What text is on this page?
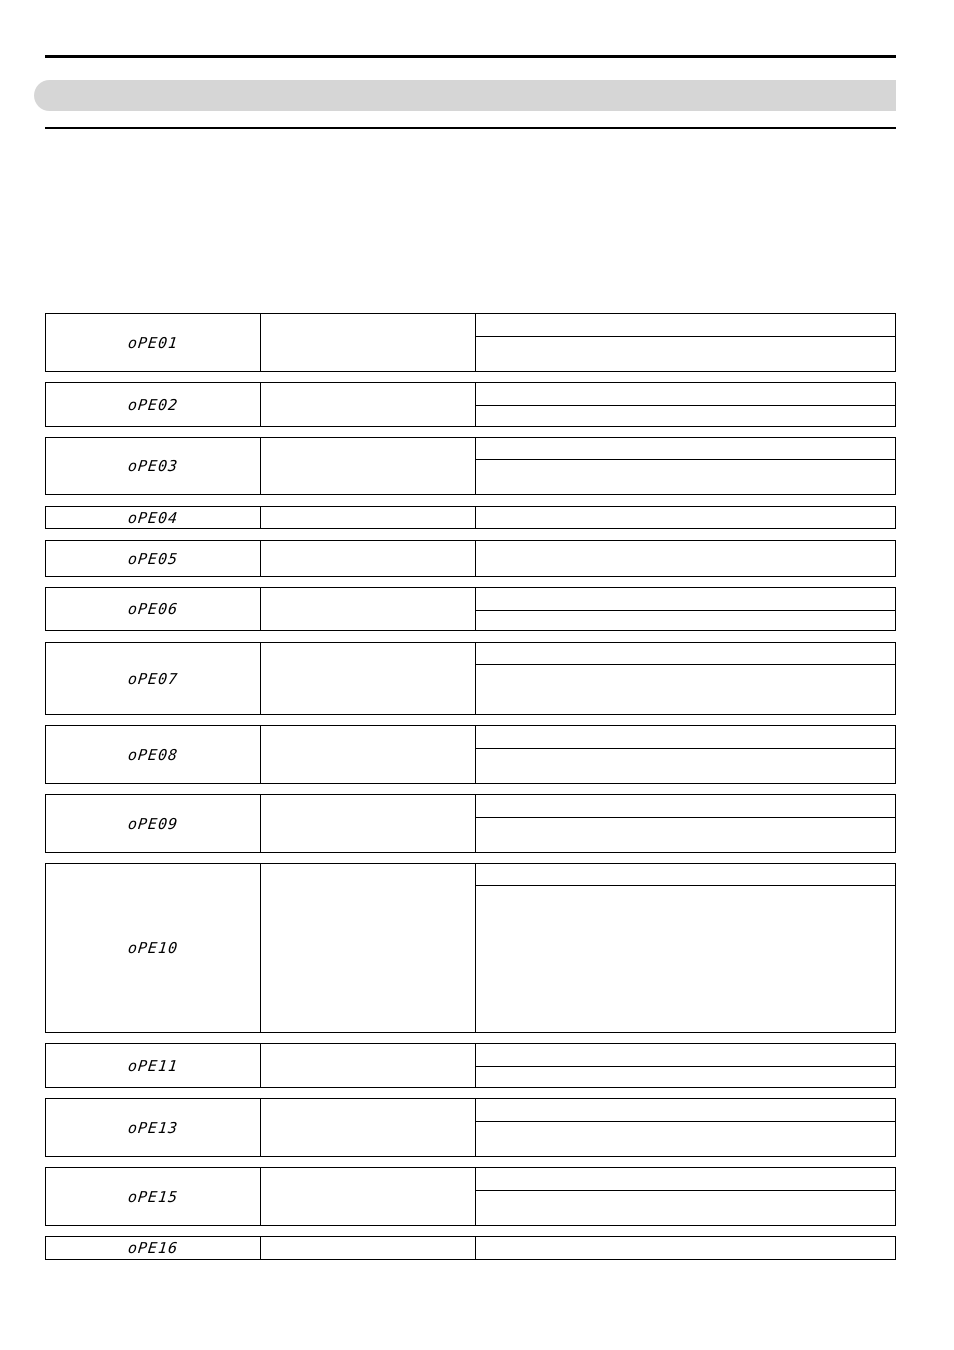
oPE01
oPE02
oPE03
oPE04
oPE05
oPE06
oPE07
oPE08
oPE09
oPE10
oPE11
oPE13
oPE15
oPE16
